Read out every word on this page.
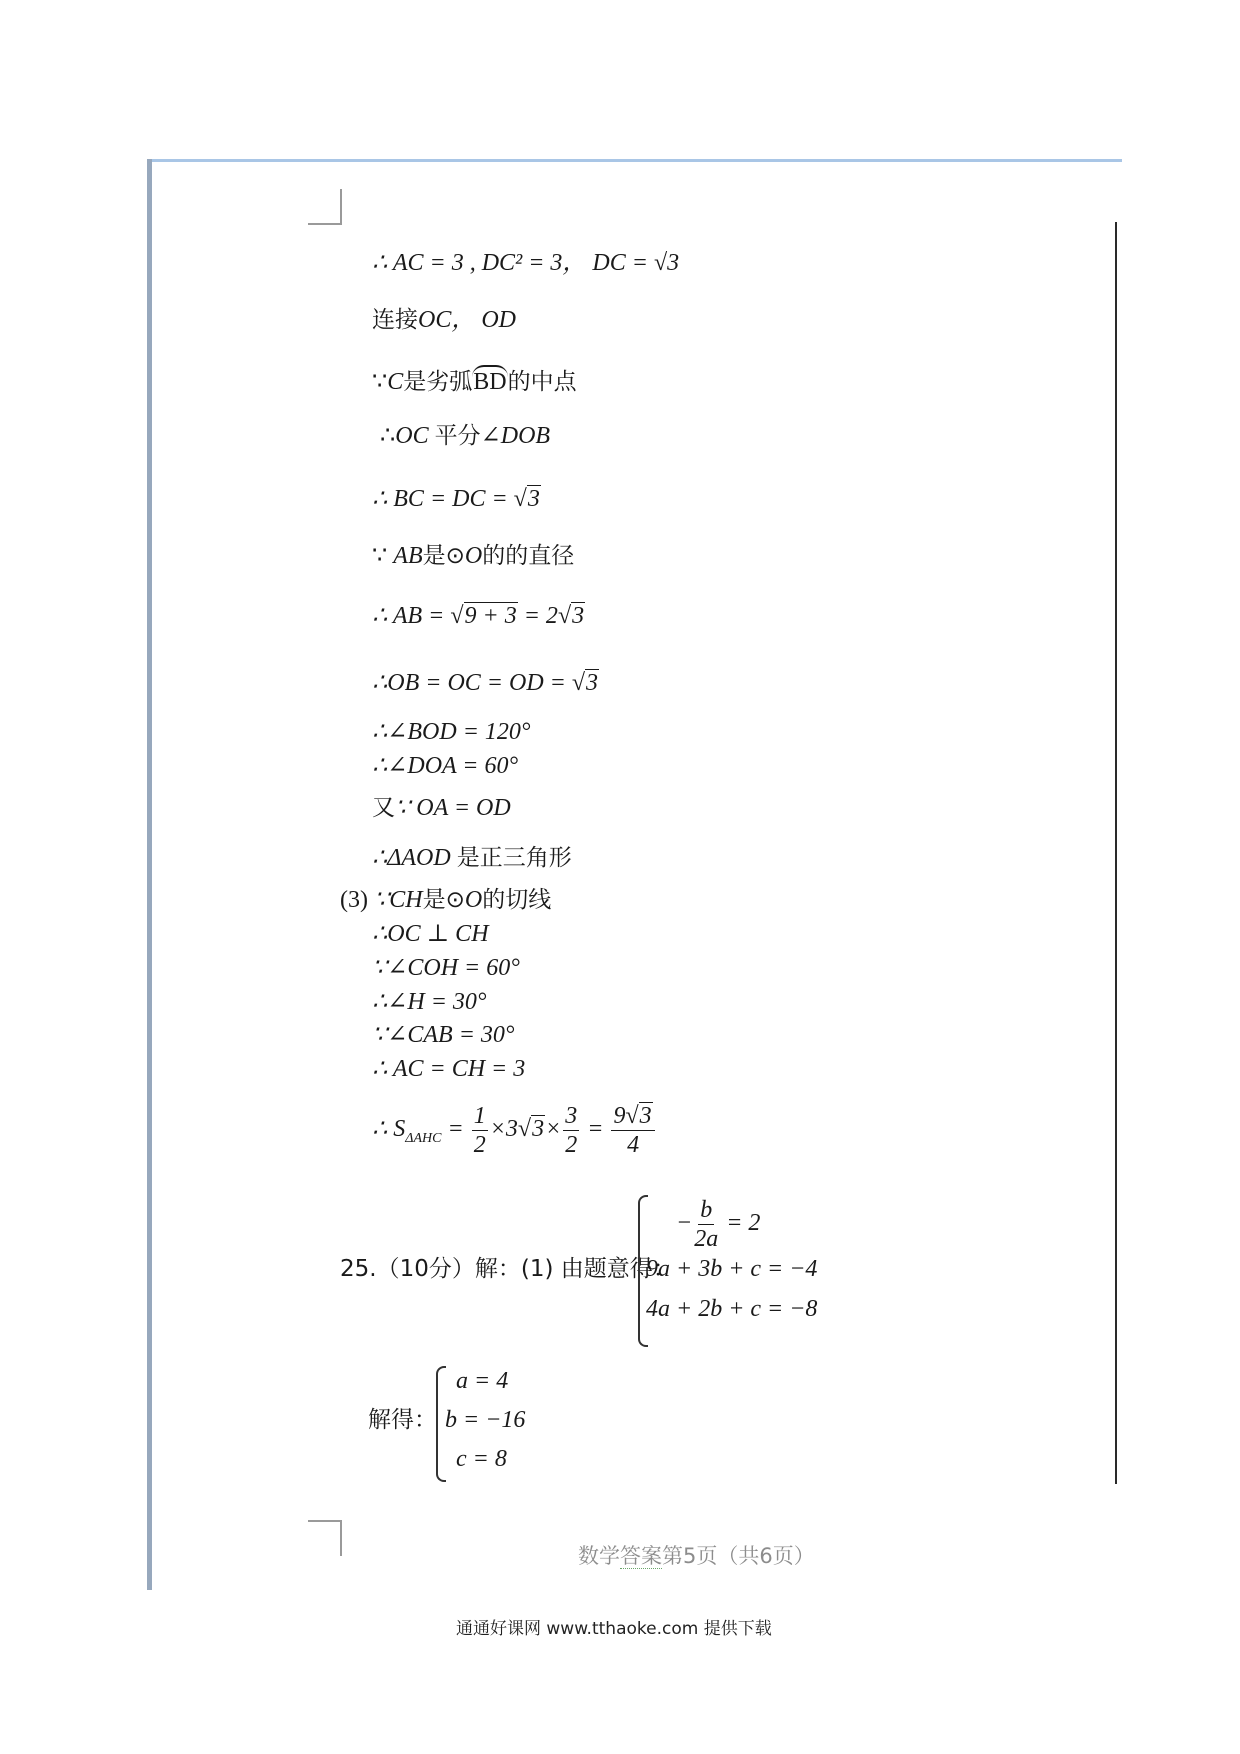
∴ AC = 3 , DC² = 3， DC = √3
连接OC， OD
∵C是劣弧BD的中点
∴OC 平分∠DOB
∴ BC = DC = √3
∵ AB是⊙O的的直径
∴ AB = √9 + 3 = 2√3
∴OB = OC = OD = √3
∴∠BOD = 120°
∴∠DOA = 60°
又∵ OA = OD
∴ΔAOD 是正三角形
(3) ∵CH是⊙O的切线
∴OC ⊥ CH
∵∠COH = 60°
∴∠H = 30°
∵∠CAB = 30°
∴ AC = CH = 3
∴ $S_{\Delta AHC} = \frac{1}{2} \times 3√3\times \frac{3}{2} = \frac{9√3}{4}$
25.（10分）解：(1) 由题意得：
− $\frac{b}{2a} = 2$
9a + 3b + c = −4
4a + 2b + c = −8
解得：
a = 4
b = −16
c = 8
数学答案第5页（共6页）
通通好课网 www.tthaoke.com 提供下载
